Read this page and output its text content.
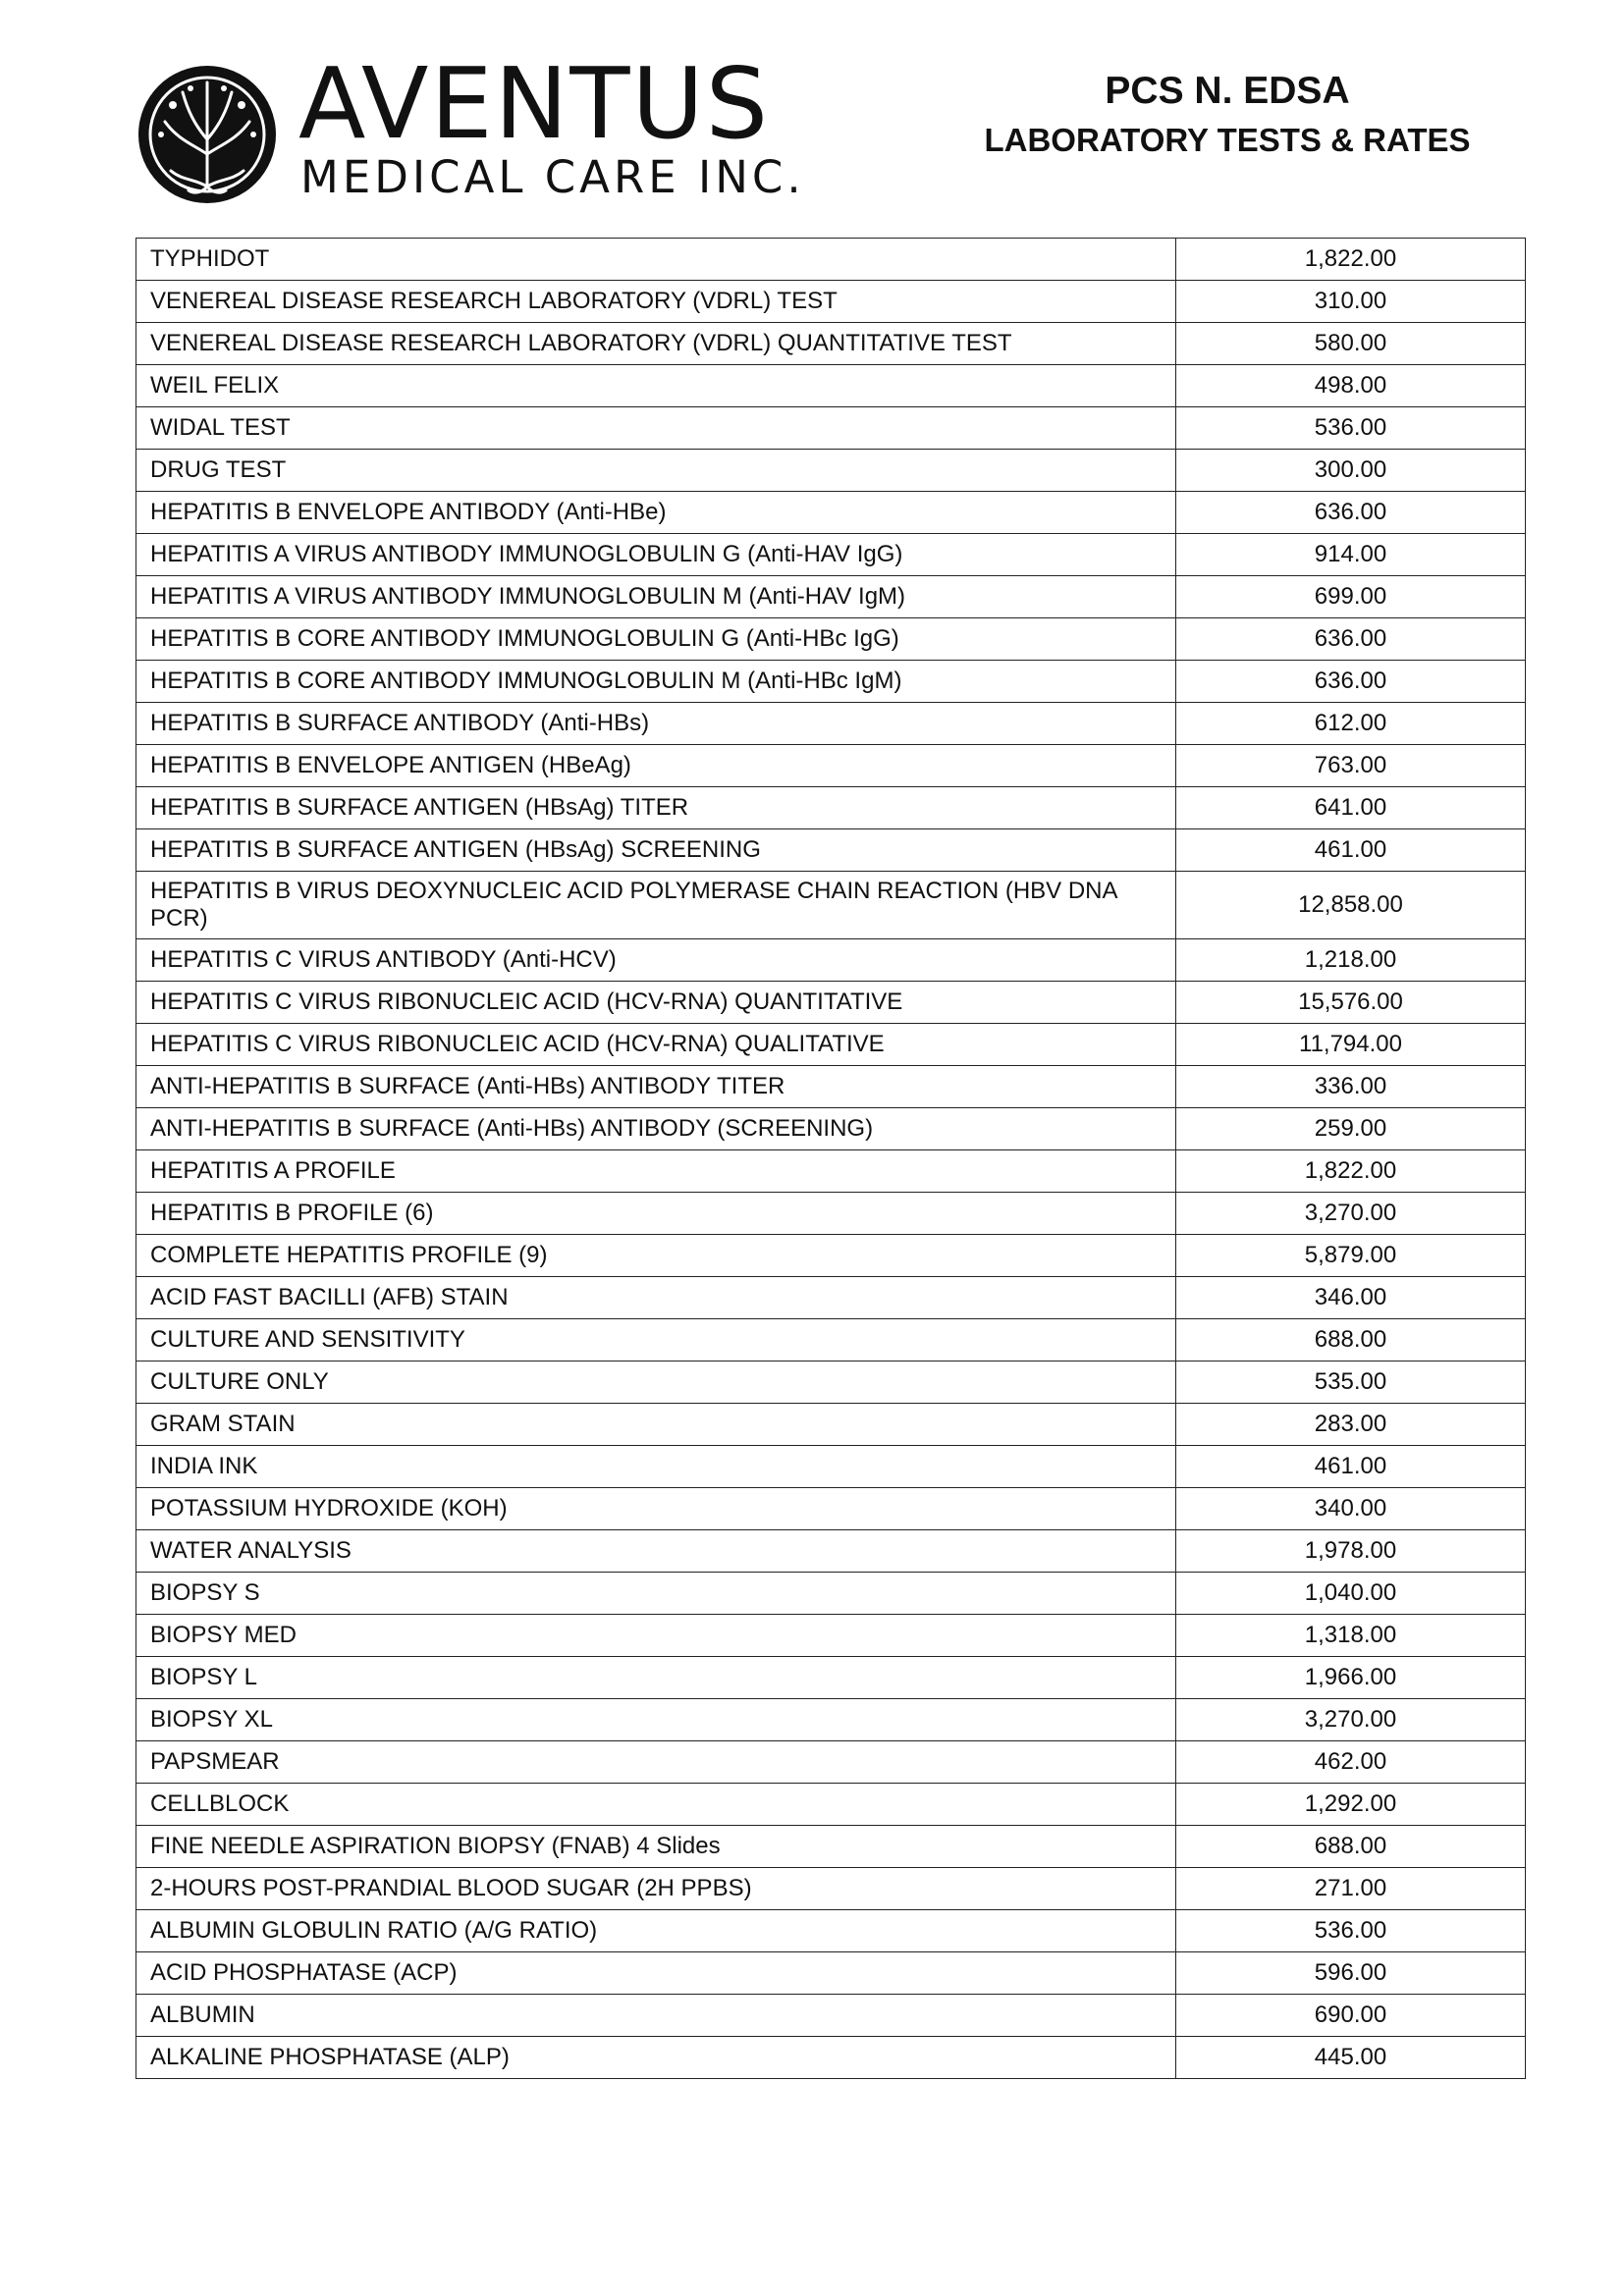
AVENTUS
MEDICAL CARE INC.
PCS N. EDSA
LABORATORY TESTS & RATES
TYPHIDOT	1,822.00
VENEREAL DISEASE RESEARCH LABORATORY (VDRL) TEST	310.00
VENEREAL DISEASE RESEARCH LABORATORY (VDRL) QUANTITATIVE TEST	580.00
WEIL FELIX	498.00
WIDAL TEST	536.00
DRUG TEST	300.00
HEPATITIS B ENVELOPE ANTIBODY (Anti-HBe)	636.00
HEPATITIS A VIRUS ANTIBODY IMMUNOGLOBULIN G (Anti-HAV IgG)	914.00
HEPATITIS A VIRUS ANTIBODY IMMUNOGLOBULIN M (Anti-HAV IgM)	699.00
HEPATITIS B CORE ANTIBODY IMMUNOGLOBULIN G (Anti-HBc IgG)	636.00
HEPATITIS B CORE ANTIBODY IMMUNOGLOBULIN M (Anti-HBc IgM)	636.00
HEPATITIS B SURFACE ANTIBODY (Anti-HBs)	612.00
HEPATITIS B ENVELOPE ANTIGEN (HBeAg)	763.00
HEPATITIS B SURFACE ANTIGEN (HBsAg) TITER	641.00
HEPATITIS B SURFACE ANTIGEN (HBsAg) SCREENING	461.00
HEPATITIS B VIRUS DEOXYNUCLEIC ACID POLYMERASE CHAIN REACTION (HBV DNA PCR)	12,858.00
HEPATITIS C VIRUS ANTIBODY (Anti-HCV)	1,218.00
HEPATITIS C VIRUS RIBONUCLEIC ACID (HCV-RNA) QUANTITATIVE	15,576.00
HEPATITIS C VIRUS RIBONUCLEIC ACID (HCV-RNA) QUALITATIVE	11,794.00
ANTI-HEPATITIS B SURFACE (Anti-HBs) ANTIBODY TITER	336.00
ANTI-HEPATITIS B SURFACE (Anti-HBs) ANTIBODY (SCREENING)	259.00
HEPATITIS A PROFILE	1,822.00
HEPATITIS B PROFILE (6)	3,270.00
COMPLETE HEPATITIS PROFILE (9)	5,879.00
ACID FAST BACILLI (AFB) STAIN	346.00
CULTURE AND SENSITIVITY	688.00
CULTURE ONLY	535.00
GRAM STAIN	283.00
INDIA INK	461.00
POTASSIUM HYDROXIDE (KOH)	340.00
WATER ANALYSIS	1,978.00
BIOPSY S	1,040.00
BIOPSY MED	1,318.00
BIOPSY L	1,966.00
BIOPSY XL	3,270.00
PAPSMEAR	462.00
CELLBLOCK	1,292.00
FINE NEEDLE ASPIRATION BIOPSY (FNAB) 4 Slides	688.00
2-HOURS POST-PRANDIAL BLOOD SUGAR (2H PPBS)	271.00
ALBUMIN GLOBULIN RATIO (A/G RATIO)	536.00
ACID PHOSPHATASE (ACP)	596.00
ALBUMIN	690.00
ALKALINE PHOSPHATASE (ALP)	445.00
